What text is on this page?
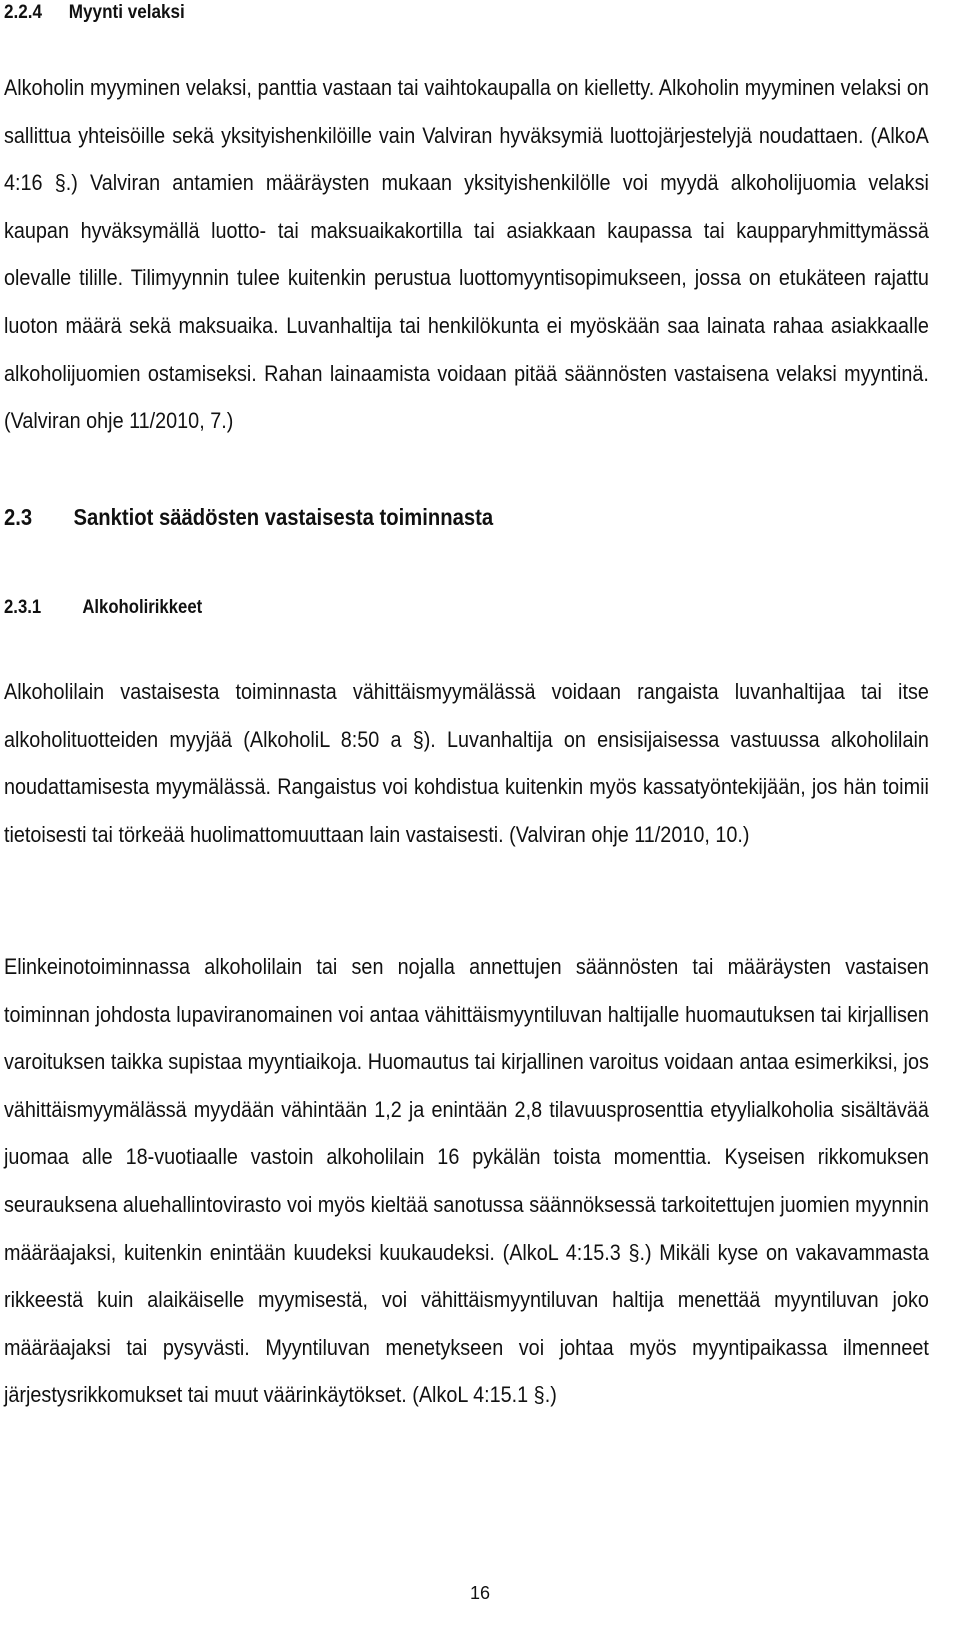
2.2.4 Myynti velaksi

Alkoholin myyminen velaksi, panttia vastaan tai vaihtokaupalla on kielletty. Alkoholin myyminen velaksi on sallittua yhteisöille sekä yksityishenkilöille vain Valviran hyväksymiä luottojärjestelyjä noudattaen. (AlkoA 4:16 §.) Valviran antamien määräysten mukaan yksityishenkilölle voi myydä alkoholijuomia velaksi kaupan hyväksymällä luotto- tai maksuaikakortilla tai asiakkaan kaupassa tai kaupparyhmittymässä olevalle tilille. Tilimyynnin tulee kuitenkin perustua luottomyyntisopimukseen, jossa on etukäteen rajattu luoton määrä sekä maksuaika. Luvanhaltija tai henkilökunta ei myöskään saa lainata rahaa asiakkaalle alkoholijuomien ostamiseksi. Rahan lainaamista voidaan pitää säännösten vastaisena velaksi myyntinä. (Valviran ohje 11/2010, 7.)

2.3 Sanktiot säädösten vastaisesta toiminnasta
2.3.1 Alkoholirikkeet

Alkoholilain vastaisesta toiminnasta vähittäismyymälässä voidaan rangaista luvanhaltijaa tai itse alkoholituotteiden myyjää (AlkoholiL 8:50 a §). Luvanhaltija on ensisijaisessa vastuussa alkoholilain noudattamisesta myymälässä. Rangaistus voi kohdistua kuitenkin myös kassatyöntekijään, jos hän toimii tietoisesti tai törkeää huolimattomuuttaan lain vastaisesti. (Valviran ohje 11/2010, 10.)

Elinkeinotoiminnassa alkoholilain tai sen nojalla annettujen säännösten tai määräysten vastaisen toiminnan johdosta lupaviranomainen voi antaa vähittäismyyntiluvan haltijalle huomautuksen tai kirjallisen varoituksen taikka supistaa myyntiaikoja. Huomautus tai kirjallinen varoitus voidaan antaa esimerkiksi, jos vähittäismyymälässä myydään vähintään 1,2 ja enintään 2,8 tilavuusprosenttia etyylialkoholia sisältävää juomaa alle 18-vuotiaalle vastoin alkoholilain 16 pykälän toista momenttia. Kyseisen rikkomuksen seurauksena aluehallintovirasto voi myös kieltää sanotussa säännöksessä tarkoitettujen juomien myynnin määräajaksi, kuitenkin enintään kuudeksi kuukaudeksi. (AlkoL 4:15.3 §.) Mikäli kyse on vakavammasta rikkeestä kuin alaikäiselle myymisestä, voi vähittäismyyntiluvan haltija menettää myyntiluvan joko määräajaksi tai pysyvästi. Myyntiluvan menetykseen voi johtaa myös myyntipaikassa ilmenneet järjestysrikkomukset tai muut väärinkäytökset. (AlkoL 4:15.1 §.)

16
